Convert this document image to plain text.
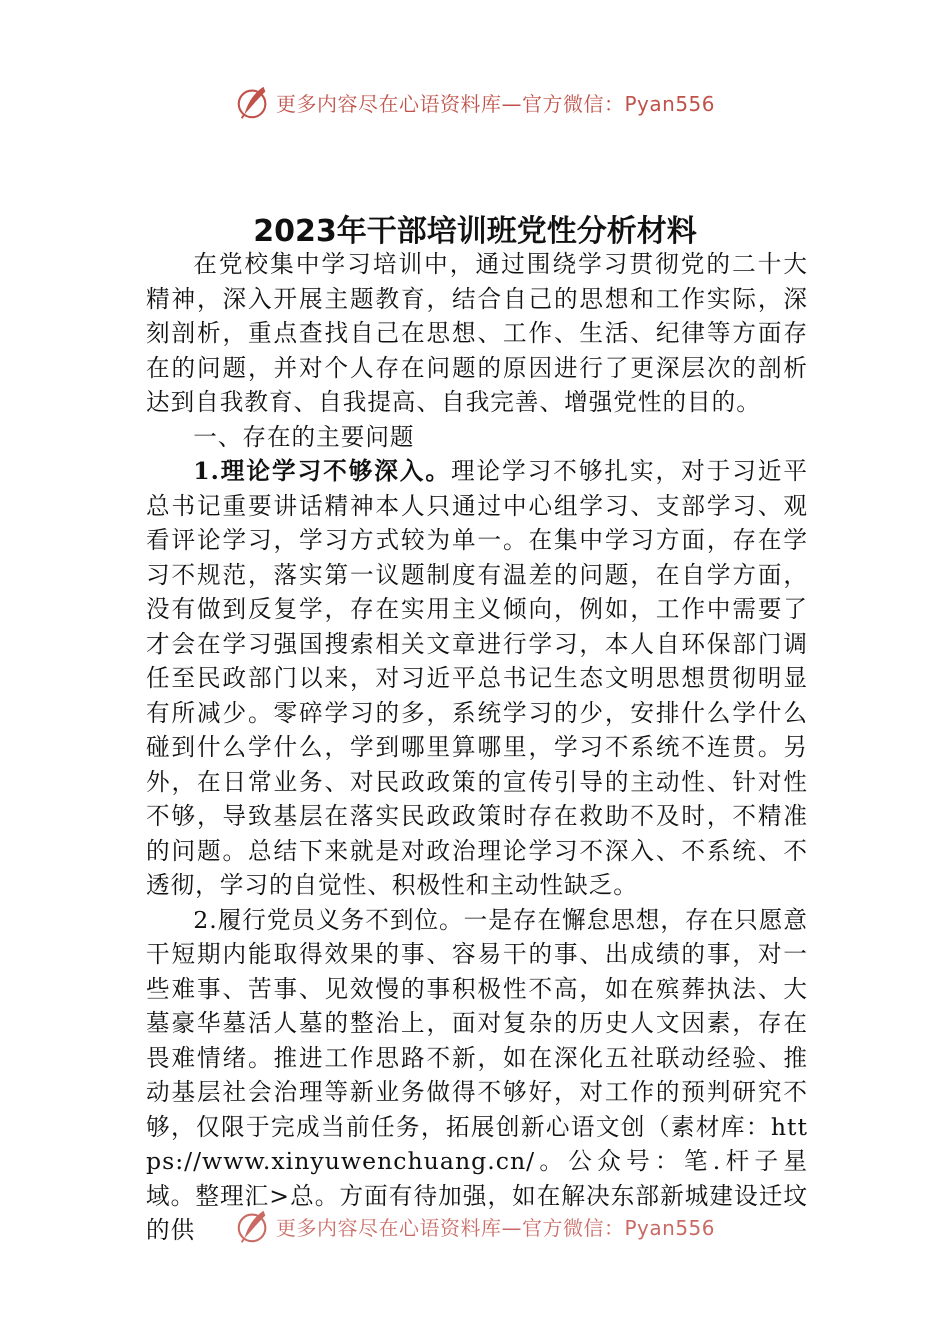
更多内容尽在心语资料库—官方微信：Pyan556
2023年干部培训班党性分析材料

在党校集中学习培训中，通过围绕学习贯彻党的二十大精神，深入开展主题教育，结合自己的思想和工作实际，深刻剖析，重点查找自己在思想、工作、生活、纪律等方面存在的问题，并对个人存在问题的原因进行了更深层次的剖析达到自我教育、自我提高、自我完善、增强党性的目的。

一、存在的主要问题

1.理论学习不够深入。理论学习不够扎实，对于习近平总书记重要讲话精神本人只通过中心组学习、支部学习、观看评论学习，学习方式较为单一。在集中学习方面，存在学习不规范，落实第一议题制度有温差的问题，在自学方面，没有做到反复学，存在实用主义倾向，例如，工作中需要了才会在学习强国搜索相关文章进行学习，本人自环保部门调任至民政部门以来，对习近平总书记生态文明思想贯彻明显有所减少。零碎学习的多，系统学习的少，安排什么学什么碰到什么学什么，学到哪里算哪里，学习不系统不连贯。另外，在日常业务、对民政政策的宣传引导的主动性、针对性不够，导致基层在落实民政政策时存在救助不及时，不精准的问题。总结下来就是对政治理论学习不深入、不系统、不透彻，学习的自觉性、积极性和主动性缺乏。

2.履行党员义务不到位。一是存在懈怠思想，存在只愿意干短期内能取得效果的事、容易干的事、出成绩的事，对一些难事、苦事、见效慢的事积极性不高，如在殡葬执法、大墓豪华墓活人墓的整治上，面对复杂的历史人文因素，存在畏难情绪。推进工作思路不新，如在深化五社联动经验、推动基层社会治理等新业务做得不够好，对工作的预判研究不够，仅限于完成当前任务，拓展创新心语文创（素材库：https://www.xinyuwenchuang.cn/。公众号：笔.杆子星域。整理汇>总。方面有待加强，如在解决东部新城建设迁坟的供	更多内容尽在心语资料库—官方微信：Pyan556
